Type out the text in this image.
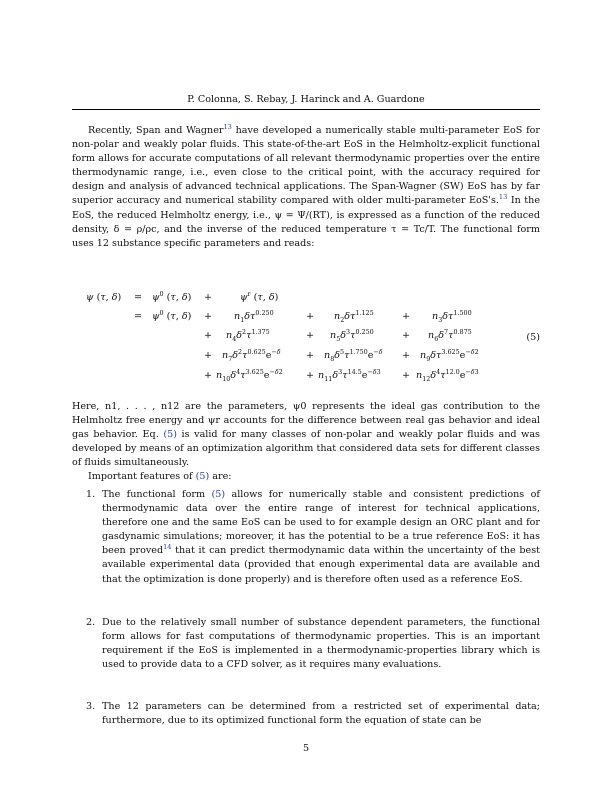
P. Colonna, S. Rebay, J. Harinck and A. Guardone
Recently, Span and Wagner$^{13}$ have developed a numerically stable multi-parameter EoS for non-polar and weakly polar fluids. This state-of-the-art EoS in the Helmholtz-explicit functional form allows for accurate computations of all relevant thermodynamic properties over the entire thermodynamic range, i.e., even close to the critical point, with the accuracy required for design and analysis of advanced technical applications. The Span-Wagner (SW) EoS has by far superior accuracy and numerical stability compared with older multi-parameter EoS's.$^{13}$ In the EoS, the reduced Helmholtz energy, i.e., ψ = Ψ/(RT), is expressed as a function of the reduced density, δ = ρ/ρc, and the inverse of the reduced temperature τ = Tc/T. The functional form uses 12 substance specific parameters and reads:
ψ (τ, $\delta) = \psi^0$ (τ, δ) +	$\psi^r$ (τ, δ)
= $\psi^0$ (τ, $\delta) + n_1\delta\tau^{0.250}$	+ $n_2\delta\tau^{1.125}$	+ $n_3\delta\tau^{1.500}$
+ $n_4\delta^2\tau^{1.375}$	+ $n_5\delta^3\tau^{0.250}$	+ $n_6\delta^7\tau^{0.875}$
(5)
+ $n_7\delta^2\tau^{0.625}e^{-\delta}$	+ $n_8\delta^5\tau^{1.750}e^{-\delta} + n_9\delta\tau^{3.625}e^{-\delta 2}$
+ $n_{10}\delta^4\tau^{3.625}e^{-\delta 2} + n_{11}\delta^3\tau^{14.5}e^{-\delta 3} + n_{12}\delta^4\tau^{12.0}e^{-\delta 3}$
Here, n1, . . . , n12 are the parameters, ψ0 represents the ideal gas contribution to the Helmholtz free energy and ψr accounts for the difference between real gas behavior and ideal gas behavior. Eq. (5) is valid for many classes of non-polar and weakly polar fluids and was developed by means of an optimization algorithm that considered data sets for different classes of fluids simultaneously.
Important features of (5) are:
1. The functional form (5) allows for numerically stable and consistent predictions of thermodynamic data over the entire range of interest for technical applications, therefore one and the same EoS can be used to for example design an ORC plant and for gasdynamic simulations; moreover, it has the potential to be a true reference EoS: it has been proved$^{14}$ that it can predict thermodynamic data within the uncertainty of the best available experimental data (provided that enough experimental data are available and that the optimization is done properly) and is therefore often used as a reference EoS.
2. Due to the relatively small number of substance dependent parameters, the functional form allows for fast computations of thermodynamic properties. This is an important requirement if the EoS is implemented in a thermodynamic-properties library which is used to provide data to a CFD solver, as it requires many evaluations.
3. The 12 parameters can be determined from a restricted set of experimental data; furthermore, due to its optimized functional form the equation of state can be
5
